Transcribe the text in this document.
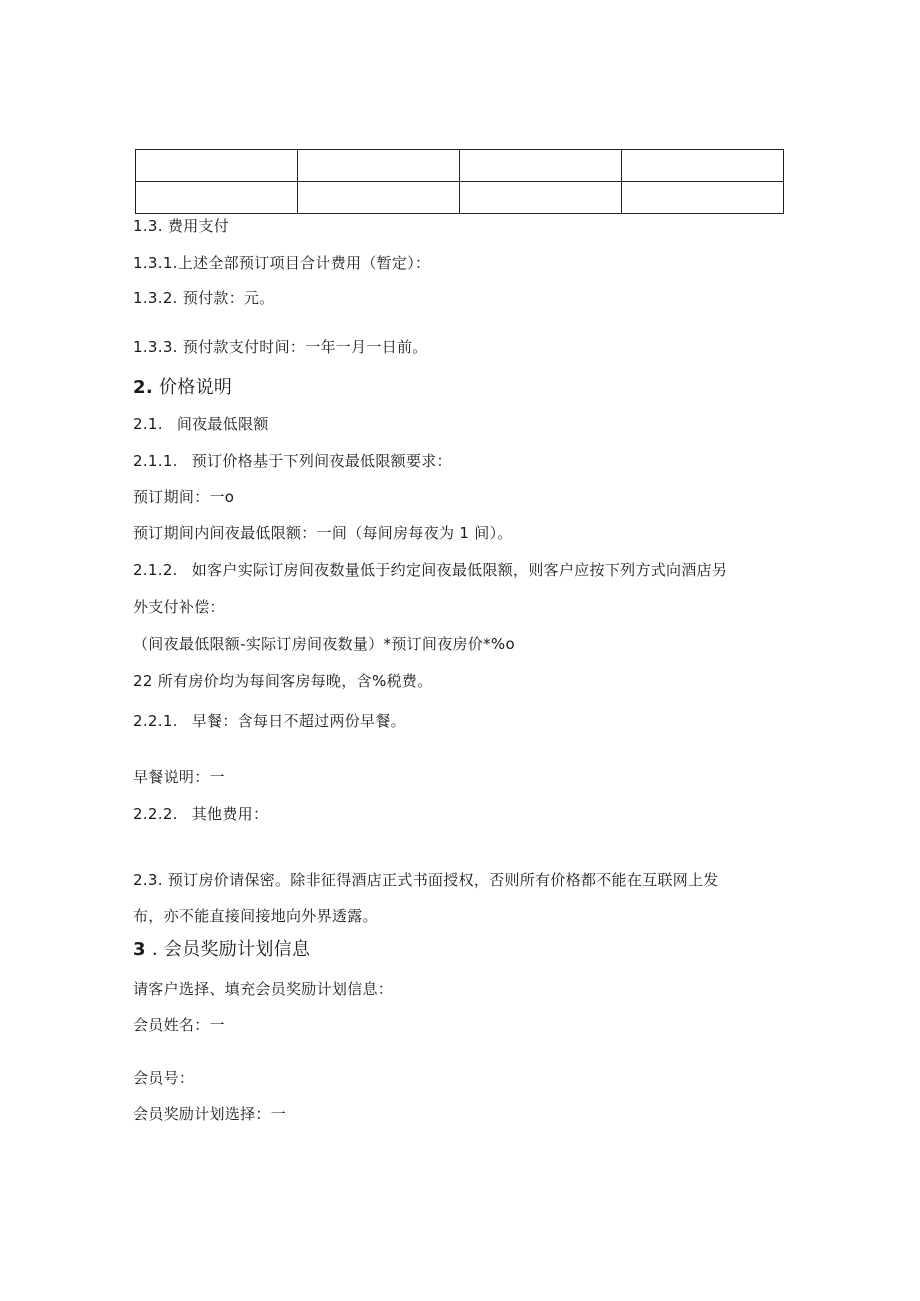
1.3. 费用支付
1.3.1.上述全部预订项目合计费用（暂定）：
1.3.2. 预付款：元。
1.3.3. 预付款支付时间：一年一月一日前。
2. 价格说明
2.1. 间夜最低限额
2.1.1. 预订价格基于下列间夜最低限额要求：
预订期间：一o
预订期间内间夜最低限额：一间（每间房每夜为 1 间）。
2.1.2. 如客户实际订房间夜数量低于约定间夜最低限额，则客户应按下列方式向酒店另
外支付补偿：
（间夜最低限额-实际订房间夜数量）*预订间夜房价*%o
22 所有房价均为每间客房每晚，含%税费。
2.2.1. 早餐：含每日不超过两份早餐。
早餐说明：一
2.2.2. 其他费用：
2.3. 预订房价请保密。除非征得酒店正式书面授权，否则所有价格都不能在互联网上发
布，亦不能直接间接地向外界透露。
3 . 会员奖励计划信息
请客户选择、填充会员奖励计划信息：
会员姓名：一
会员号：
会员奖励计划选择：一
